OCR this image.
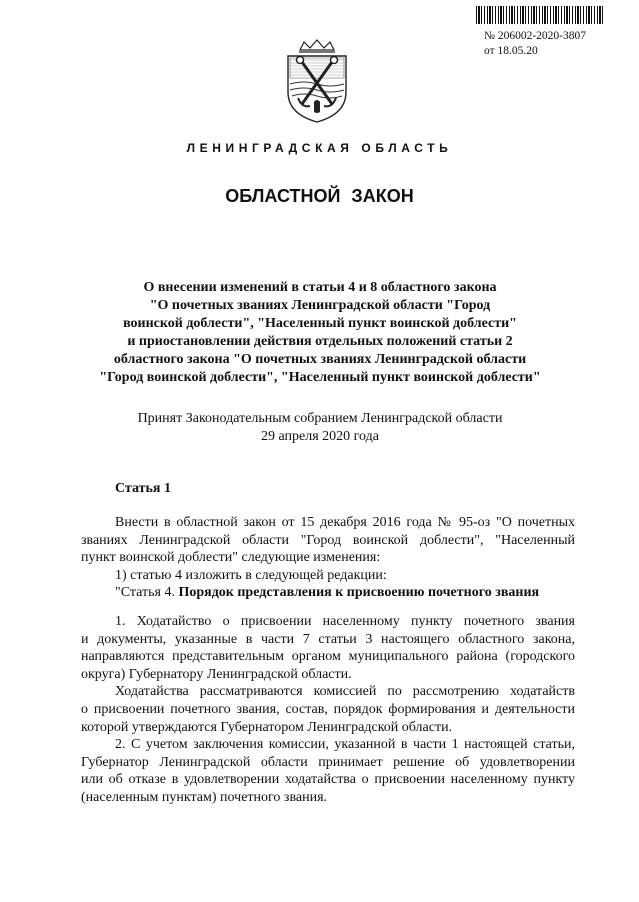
№ 206002-2020-3807
от 18.05.20
ЛЕНИНГРАДСКАЯ ОБЛАСТЬ
ОБЛАСТНОЙ ЗАКОН
О внесении изменений в статьи 4 и 8 областного закона
"О почетных званиях Ленинградской области "Город
воинской доблести", "Населенный пункт воинской доблести"
и приостановлении действия отдельных положений статьи 2
областного закона "О почетных званиях Ленинградской области
"Город воинской доблести", "Населенный пункт воинской доблести"
Принят Законодательным собранием Ленинградской области
29 апреля 2020 года
Статья 1
Внести в областной закон от 15 декабря 2016 года № 95-оз "О почетных
званиях Ленинградской области "Город воинской доблести", "Населенный
пункт воинской доблести" следующие изменения:
1) статью 4 изложить в следующей редакции:
"Статья 4. Порядок представления к присвоению почетного звания
1. Ходатайство о присвоении населенному пункту почетного звания
и документы, указанные в части 7 статьи 3 настоящего областного закона,
направляются представительным органом муниципального района (городского
округа) Губернатору Ленинградской области.
Ходатайства рассматриваются комиссией по рассмотрению ходатайств
о присвоении почетного звания, состав, порядок формирования и деятельности
которой утверждаются Губернатором Ленинградской области.
2. С учетом заключения комиссии, указанной в части 1 настоящей статьи,
Губернатор Ленинградской области принимает решение об удовлетворении
или об отказе в удовлетворении ходатайства о присвоении населенному пункту
(населенным пунктам) почетного звания.
